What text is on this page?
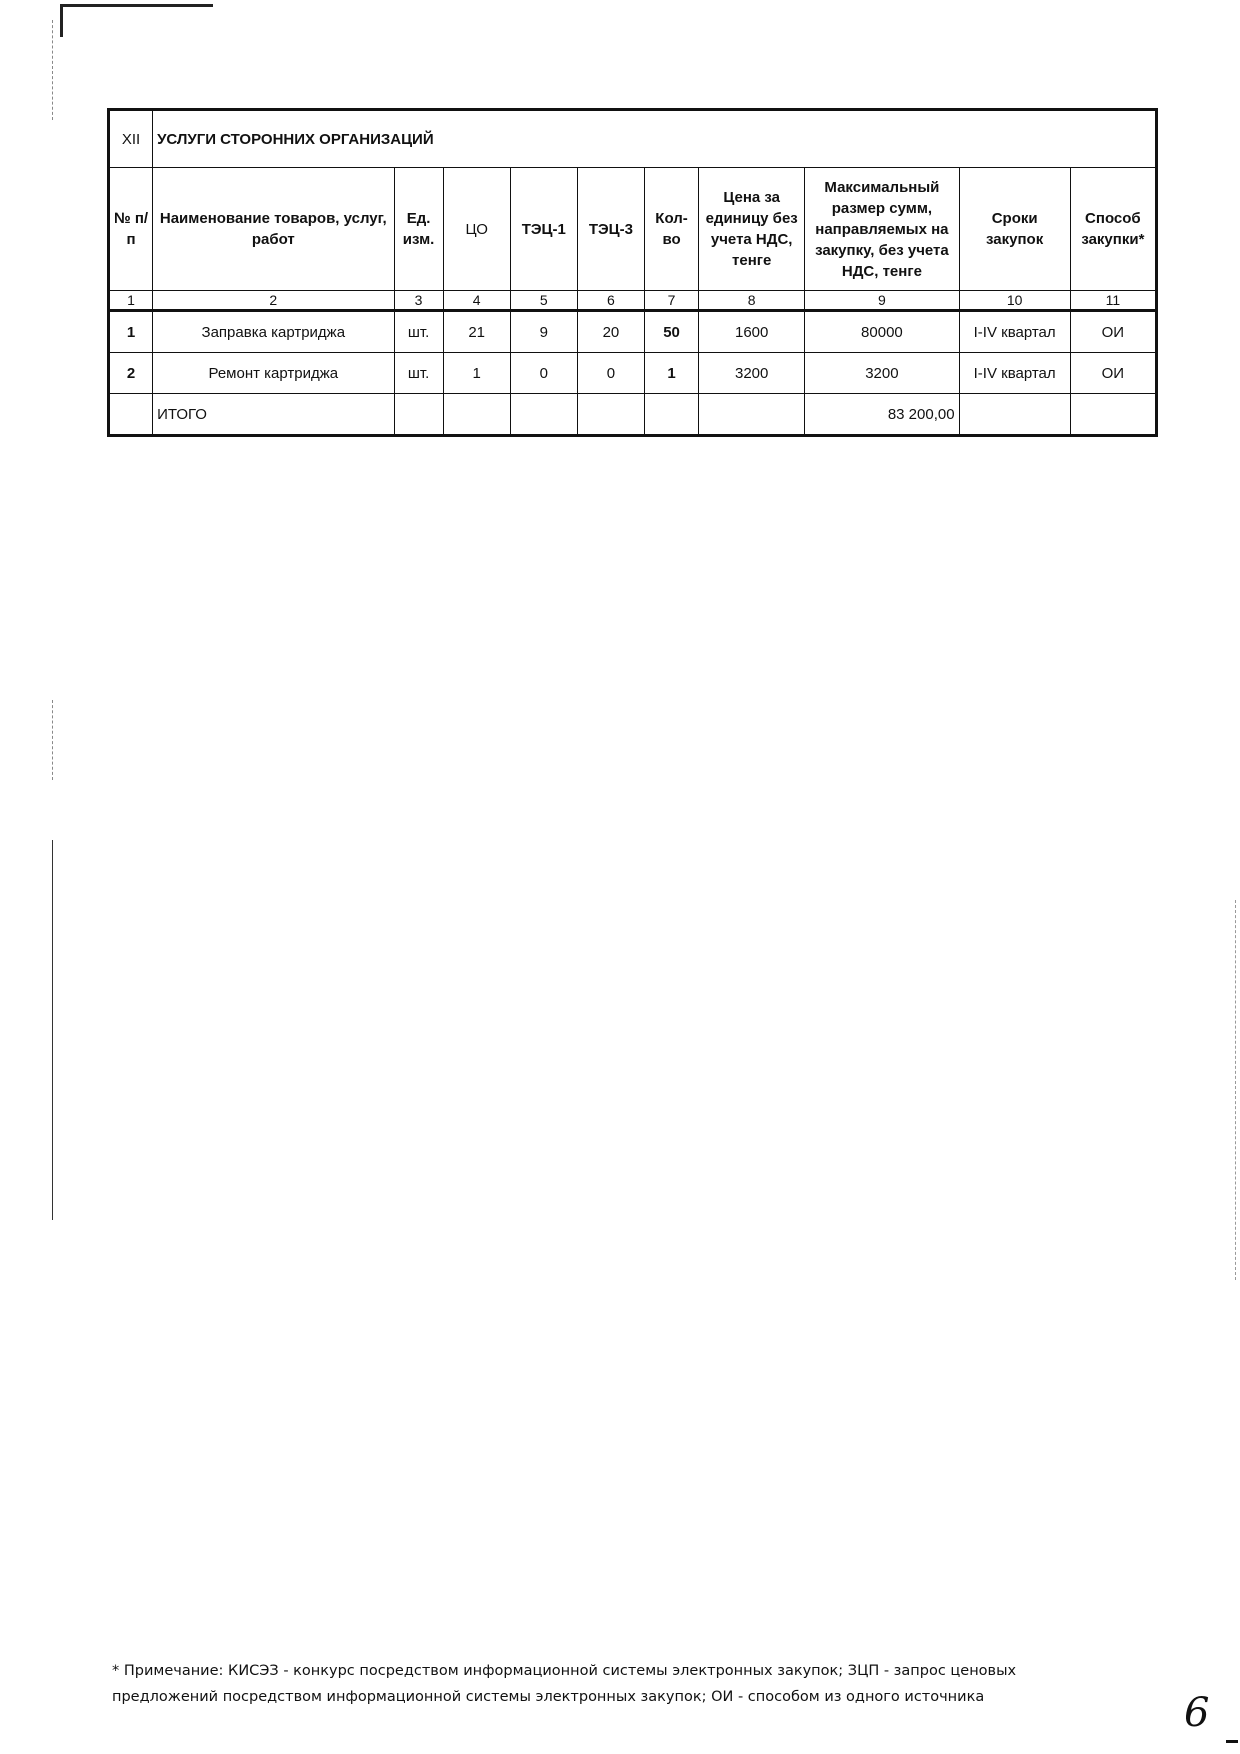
XII	УСЛУГИ СТОРОННИХ ОРГАНИЗАЦИЙ									
№ п/п	Наименование товаров, услуг, работ	Ед. изм.	ЦО	ТЭЦ-1	ТЭЦ-3	Кол-во	Цена за единицу без учета НДС, тенге	Максимальный размер сумм, направляемых на закупку, без учета НДС, тенге	Сроки закупок	Способ закупки*
1	2	3	4	5	6	7	8	9	10	11
1	Заправка картриджа	шт.	21	9	20	50	1600	80000	I-IV квартал	ОИ
2	Ремонт картриджа	шт.	1	0	0	1	3200	3200	I-IV квартал	ОИ
	ИТОГО							83 200,00		
* Примечание: КИСЭЗ - конкурс посредством информационной системы электронных закупок; ЗЦП - запрос ценовых
предложений посредством информационной системы электронных закупок; ОИ - способом из одного источника	6
